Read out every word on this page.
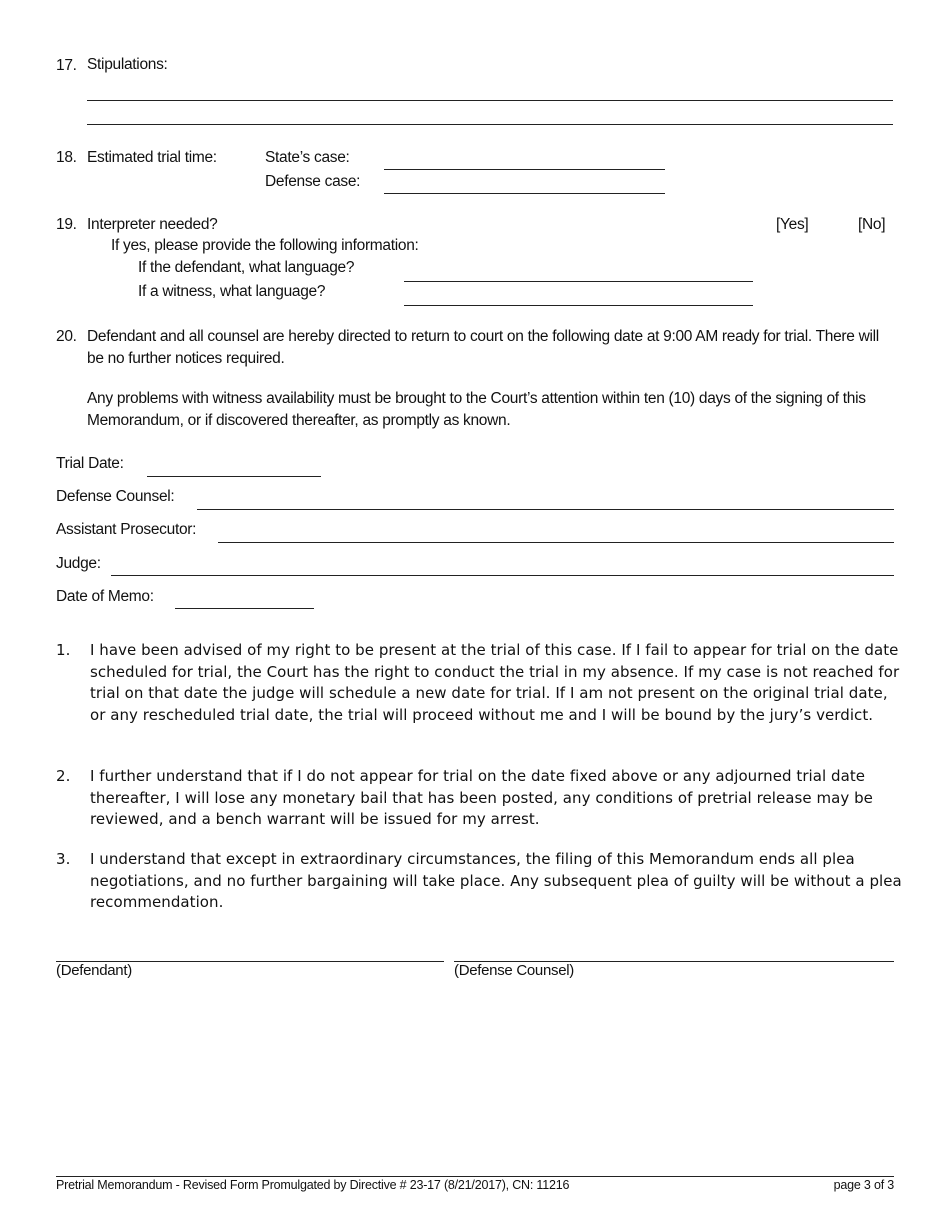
17. Stipulations:
18. Estimated trial time:	State’s case:
Defense case:
19. Interpreter needed?	[Yes]	[No]
If yes, please provide the following information:
If the defendant, what language?
If a witness, what language?
20. Defendant and all counsel are hereby directed to return to court on the following date at 9:00 AM ready for trial. There will be no further notices required.
Any problems with witness availability must be brought to the Court’s attention within ten (10) days of the signing of this Memorandum, or if discovered thereafter, as promptly as known.
Trial Date:
Defense Counsel:
Assistant Prosecutor:
Judge:
Date of Memo:
1. I have been advised of my right to be present at the trial of this case. If I fail to appear for trial on the date scheduled for trial, the Court has the right to conduct the trial in my absence. If my case is not reached for trial on that date the judge will schedule a new date for trial. If I am not present on the original trial date, or any rescheduled trial date, the trial will proceed without me and I will be bound by the jury’s verdict.
2. I further understand that if I do not appear for trial on the date fixed above or any adjourned trial date thereafter, I will lose any monetary bail that has been posted, any conditions of pretrial release may be reviewed, and a bench warrant will be issued for my arrest.
3. I understand that except in extraordinary circumstances, the filing of this Memorandum ends all plea negotiations, and no further bargaining will take place. Any subsequent plea of guilty will be without a plea recommendation.
(Defendant)	(Defense Counsel)
Pretrial Memorandum - Revised Form Promulgated by Directive # 23-17 (8/21/2017), CN: 11216	page 3 of 3
